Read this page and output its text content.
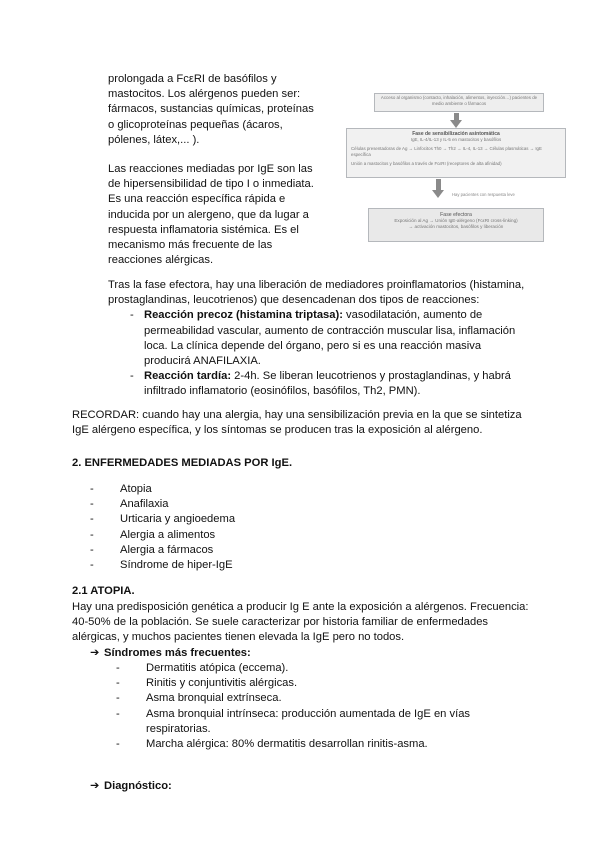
prolongada a FcεRI de basófilos y mastocitos. Los alérgenos pueden ser: fármacos, sustancias químicas, proteínas o glicoproteínas pequeñas (ácaros, pólenes, látex,... ).

Las reacciones mediadas por IgE son las de hipersensibilidad de tipo I o inmediata. Es una reacción específica rápida e inducida por un alergeno, que da lugar a respuesta inflamatoria sistémica. Es el mecanismo más frecuente de las reacciones alérgicas.

Acceso al organismo (contacto, inhalación, alimentos, inyección…) pacientes de medio ambiente o fármacos
Fase de sensibilización asintomática
IgE, IL-4/IL-13 y IL-5 en mastocitos y basófilos
Células presentadoras de Ag → Linfocitos Th0 → Th2 → IL-4, IL-13 → Células plasmáticas → IgE específica
Unión a mastocitos y basófilos a través de FcεRI (receptores de alta afinidad)
Hay pacientes con respuesta leve
Fase efectora
Exposición al Ag → Unión IgE-alérgeno (FcεRI cross-linking)
→ activación mastocitos, basófilos y liberación

Tras la fase efectora, hay una liberación de mediadores proinflamatorios (histamina, prostaglandinas, leucotrienos) que desencadenan dos tipos de reacciones:

- Reacción precoz (histamina triptasa): vasodilatación, aumento de permeabilidad vascular, aumento de contracción muscular lisa, inflamación loca. La clínica depende del órgano, pero si es una reacción masiva producirá ANAFILAXIA.
- Reacción tardía: 2-4h. Se liberan leucotrienos y prostaglandinas, y habrá infiltrado inflamatorio (eosinófilos, basófilos, Th2, PMN).

RECORDAR: cuando hay una alergia, hay una sensibilización previa en la que se sintetiza IgE alérgeno específica, y los síntomas se producen tras la exposición al alérgeno.

2. ENFERMEDADES MEDIADAS POR IgE.

- Atopia
- Anafilaxia
- Urticaria y angioedema
- Alergia a alimentos
- Alergia a fármacos
- Síndrome de hiper-IgE

2.1 ATOPIA.

Hay una predisposición genética a producir Ig E ante la exposición a alérgenos. Frecuencia: 40-50% de la población. Se suele caracterizar por historia familiar de enfermedades alérgicas, y muchos pacientes tienen elevada la IgE pero no todos.

➔ Síndromes más frecuentes:
- Dermatitis atópica (eccema).
- Rinitis y conjuntivitis alérgicas.
- Asma bronquial extrínseca.
- Asma bronquial intrínseca: producción aumentada de IgE en vías respiratorias.
- Marcha alérgica: 80% dermatitis desarrollan rinitis-asma.
➔ Diagnóstico:
